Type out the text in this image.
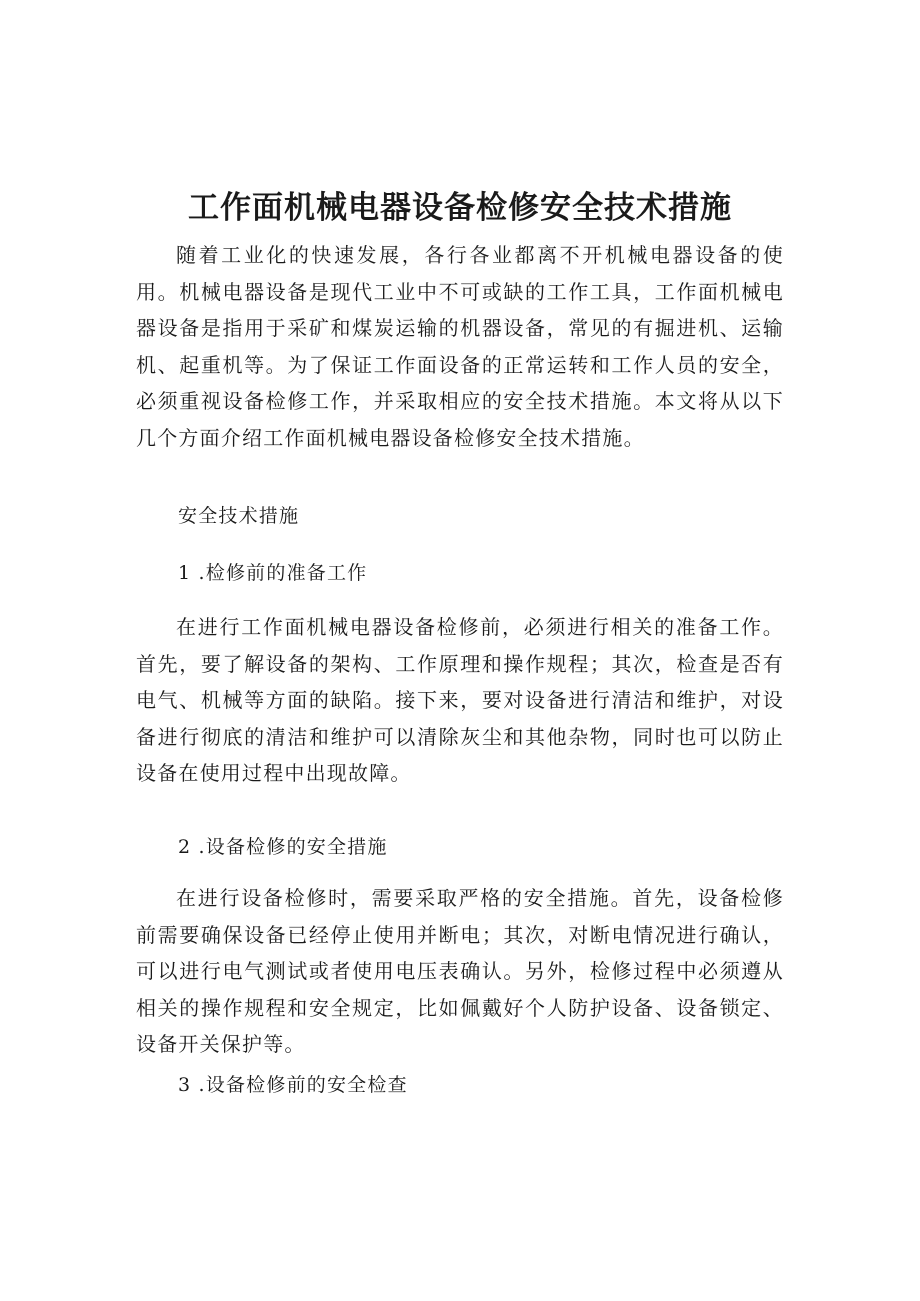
工作面机械电器设备检修安全技术措施

随着工业化的快速发展，各行各业都离不开机械电器设备的使用。机械电器设备是现代工业中不可或缺的工作工具，工作面机械电器设备是指用于采矿和煤炭运输的机器设备，常见的有掘进机、运输机、起重机等。为了保证工作面设备的正常运转和工作人员的安全，必须重视设备检修工作，并采取相应的安全技术措施。本文将从以下几个方面介绍工作面机械电器设备检修安全技术措施。

安全技术措施

1 .检修前的准备工作

在进行工作面机械电器设备检修前，必须进行相关的准备工作。首先，要了解设备的架构、工作原理和操作规程；其次，检查是否有电气、机械等方面的缺陷。接下来，要对设备进行清洁和维护，对设备进行彻底的清洁和维护可以清除灰尘和其他杂物，同时也可以防止设备在使用过程中出现故障。

2 .设备检修的安全措施

在进行设备检修时，需要采取严格的安全措施。首先，设备检修前需要确保设备已经停止使用并断电；其次，对断电情况进行确认，可以进行电气测试或者使用电压表确认。另外，检修过程中必须遵从相关的操作规程和安全规定，比如佩戴好个人防护设备、设备锁定、设备开关保护等。

3 .设备检修前的安全检查
